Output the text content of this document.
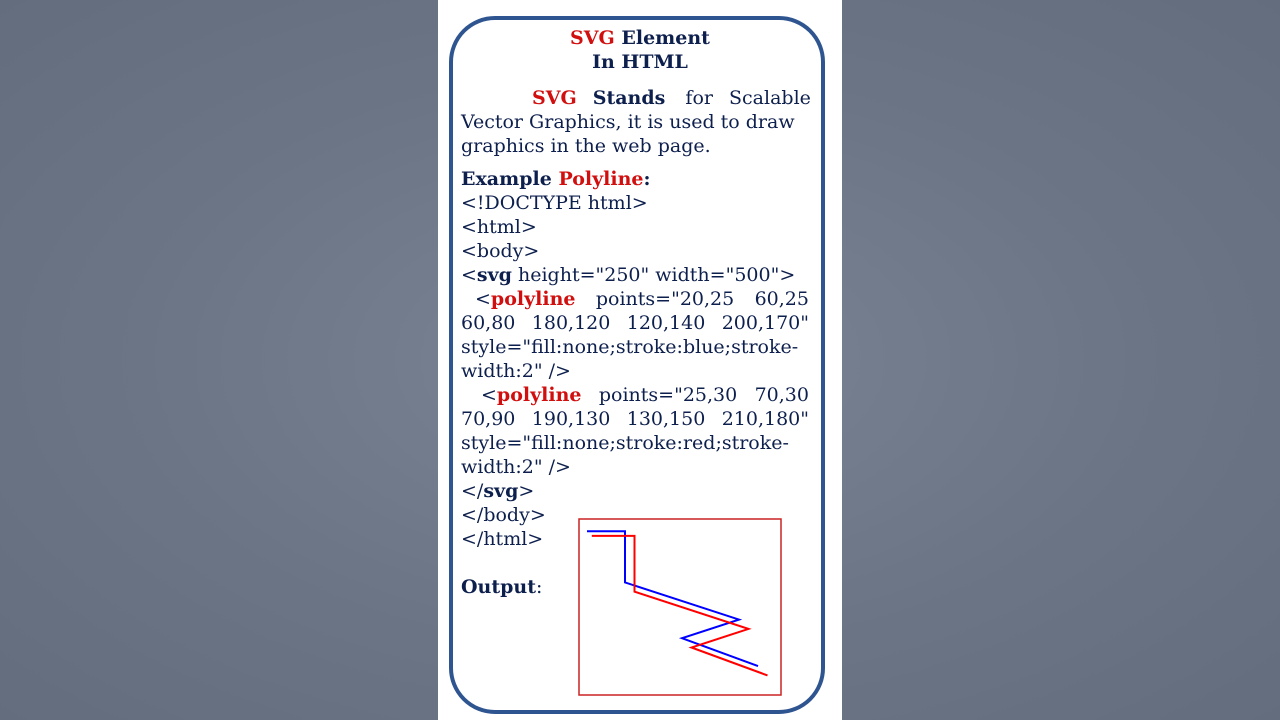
SVG Element
In HTML
SVG Stands for Scalable
Vector Graphics, it is used to draw
graphics in the web page.
Example Polyline:
<!DOCTYPE html>
<html>
<body>
<svg height="250" width="500">
<polyline points="20,25 60,25
60,80 180,120 120,140 200,170"
style="fill:none;stroke:blue;stroke-
width:2" />
<polyline points="25,30 70,30
70,90 190,130 130,150 210,180"
style="fill:none;stroke:red;stroke-
width:2" />
</svg>
</body>
</html>
Output:
